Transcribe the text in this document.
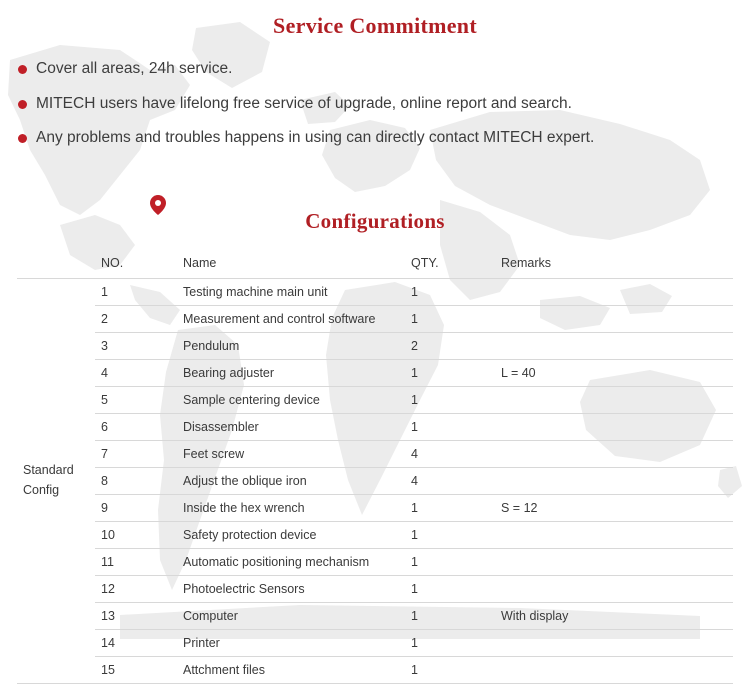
Service Commitment
Cover all areas, 24h service.
MITECH users have lifelong free service of upgrade, online report and search.
Any problems and troubles happens in using can directly contact MITECH expert.
Configurations
	NO.	Name	QTY.	Remarks
Standard
Config	1	Testing machine main unit	1	
	2	Measurement and control software	1	
	3	Pendulum	2	
	4	Bearing adjuster	1	L = 40
	5	Sample centering device	1	
	6	Disassembler	1	
	7	Feet screw	4	
	8	Adjust the oblique iron	4	
	9	Inside the hex wrench	1	S = 12
	10	Safety protection device	1	
	11	Automatic positioning mechanism	1	
	12	Photoelectric Sensors	1	
	13	Computer	1	With display
	14	Printer	1	
	15	Attchment files	1	
